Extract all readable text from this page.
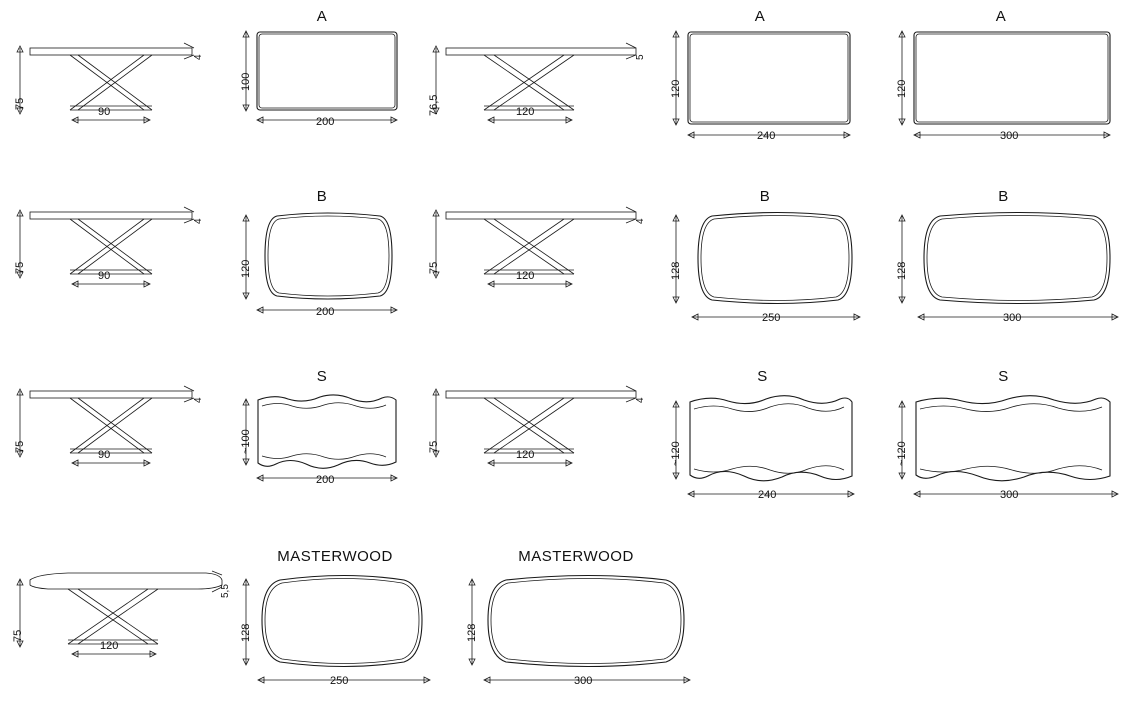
75
90
4
A
100
200
76,5	120
5
A
120
240
A
120
300
75
90
4
B
120
200
75
120
4
B
128
250
B
128
300
75
90
4
S
~100
200
75
120
4
S
~120
240
S
~120
300
75
120
5,5
MASTERWOOD
128
250
MASTERWOOD
128
300
